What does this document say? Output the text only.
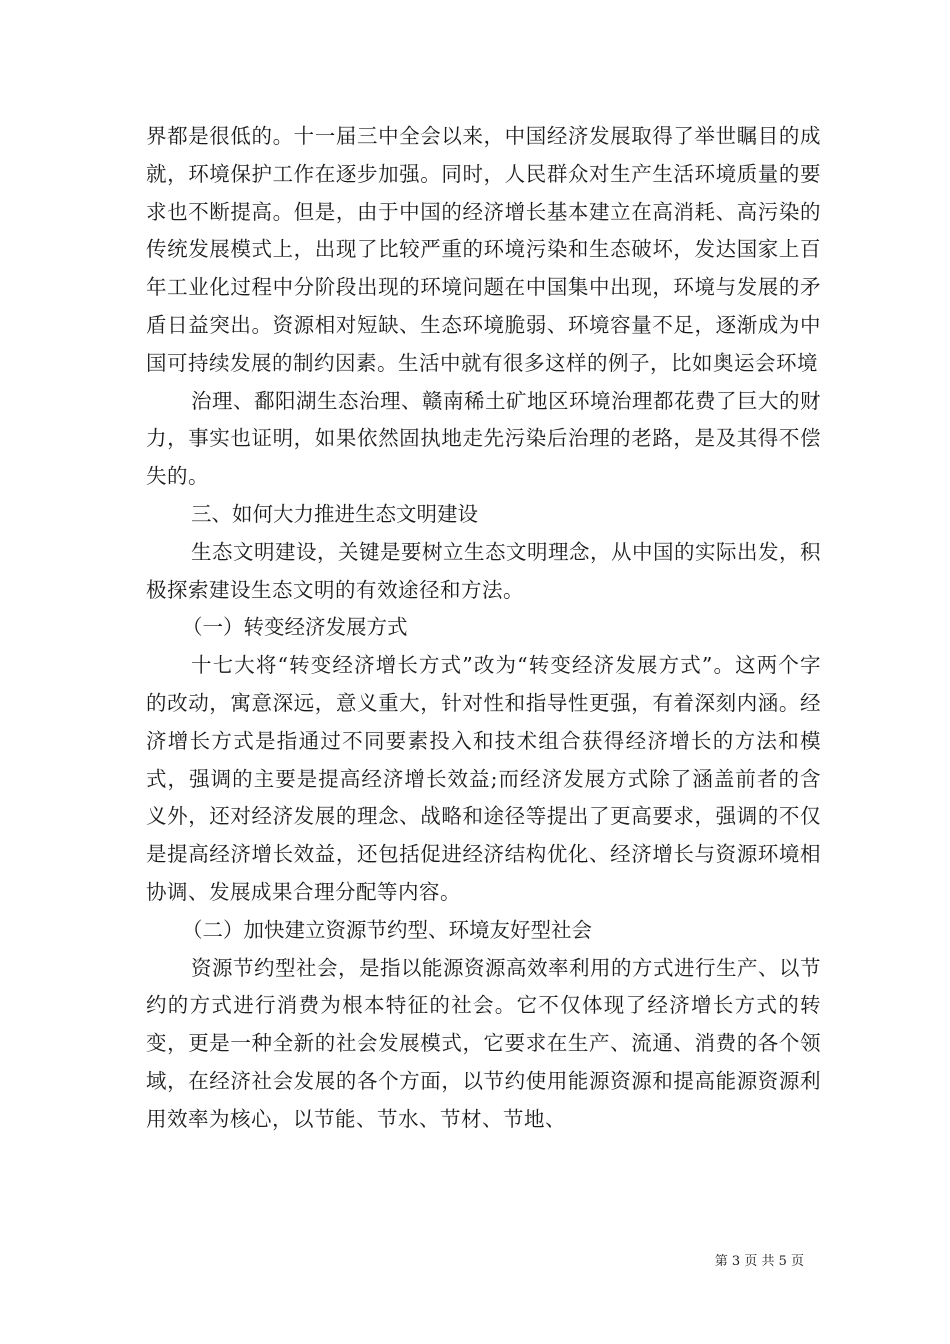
界都是很低的。十一届三中全会以来，中国经济发展取得了举世瞩目的成就，环境保护工作在逐步加强。同时，人民群众对生产生活环境质量的要求也不断提高。但是，由于中国的经济增长基本建立在高消耗、高污染的传统发展模式上，出现了比较严重的环境污染和生态破坏，发达国家上百年工业化过程中分阶段出现的环境问题在中国集中出现，环境与发展的矛盾日益突出。资源相对短缺、生态环境脆弱、环境容量不足，逐渐成为中国可持续发展的制约因素。生活中就有很多这样的例子，比如奥运会环境

治理、鄱阳湖生态治理、赣南稀土矿地区环境治理都花费了巨大的财力，事实也证明，如果依然固执地走先污染后治理的老路，是及其得不偿失的。

三、如何大力推进生态文明建设

生态文明建设，关键是要树立生态文明理念，从中国的实际出发，积极探索建设生态文明的有效途径和方法。

（一）转变经济发展方式

十七大将“转变经济增长方式”改为“转变经济发展方式”。这两个字的改动，寓意深远，意义重大，针对性和指导性更强，有着深刻内涵。经济增长方式是指通过不同要素投入和技术组合获得经济增长的方法和模式，强调的主要是提高经济增长效益;而经济发展方式除了涵盖前者的含义外，还对经济发展的理念、战略和途径等提出了更高要求，强调的不仅是提高经济增长效益，还包括促进经济结构优化、经济增长与资源环境相协调、发展成果合理分配等内容。

（二）加快建立资源节约型、环境友好型社会

资源节约型社会，是指以能源资源高效率利用的方式进行生产、以节约的方式进行消费为根本特征的社会。它不仅体现了经济增长方式的转变，更是一种全新的社会发展模式，它要求在生产、流通、消费的各个领域，在经济社会发展的各个方面，以节约使用能源资源和提高能源资源利用效率为核心，以节能、节水、节材、节地、

第 3 页 共 5 页
